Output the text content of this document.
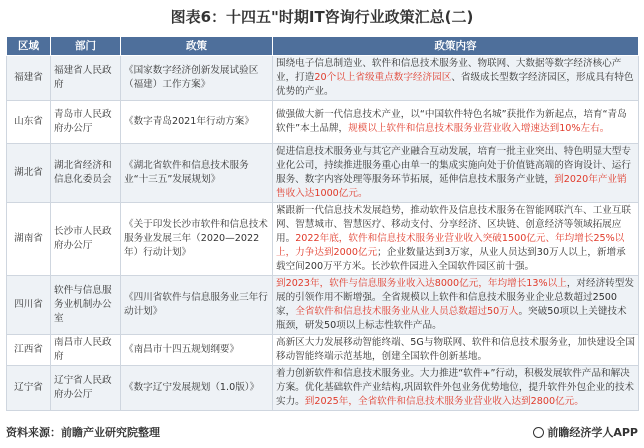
图表6：十四五"时期IT咨询行业政策汇总(二)
区域	部门	政策	政策内容
福建省	福建省人民政府	《国家数字经济创新发展试验区（福建）工作方案》	围绕电子信息制造业、软件和信息技术服务业、物联网、大数据等数字经济核心产业，打造20个以上省级重点数字经济园区、省级成长型数字经济园区，形成具有特色优势的产业。
山东省	青岛市人民政府办公厅	《数字青岛2021年行动方案》	做强做大新一代信息技术产业，以“中国软件特色名城”获批作为新起点，培育“青岛软件”本土品牌，规模以上软件和信息技术服务业营业收入增速达到10%左右。
湖北省	湖北省经济和信息化委员会	《湖北省软件和信息技术服务业“十三五”发展规划》	促进信息技术服务业与其它产业融合互动发展，培育一批主业突出、特色明显大型专业化公司，持续推进服务重心由单一的集成实施向处于价值链高端的咨询设计、运行服务、数字内容处理等服务环节拓展，延伸信息技术服务产业链，到2020年产业销售收入达1000亿元。
湖南省	长沙市人民政府办公厅	《关于印发长沙市软件和信息技术服务业发展三年（2020—2022年）行动计划》	紧跟新一代信息技术发展趋势，推动软件及信息技术服务在智能网联汽车、工业互联网、智慧城市、智慧医疗、移动支付、分享经济、区块链、创意经济等领域拓展应用。2022年底，软件和信息技术服务业营业收入突破1500亿元、年均增长25%以上，力争达到2000亿元；企业数量达到3万家，从业人员达到30万人以上，新增承载空间200万平方米。长沙软件园进入全国软件园区前十强。
四川省	软件与信息服务业机制办公室	《四川省软件与信息服务业三年行动计划》	到2023年，软件与信息服务业收入达8000亿元，年均增长13%以上，对经济转型发展的引领作用不断增强。全省规模以上软件和信息技术服务业企业总数超过2500家，全省软件和信息技术服务业从业人员总数超过50万人。突破50项以上关键技术瓶颈，研发50项以上标志性软件产品。
江西省	南昌市人民政府	《南昌市十四五规划纲要》	高新区大力发展移动智能终端、5G与物联网、软件和信息技术服务业，加快建设全国移动智能终端示范基地，创建全国软件创新基地。
辽宁省	辽宁省人民政府办公厅	《数字辽宁发展规划（1.0版）》	着力创新软件和信息技术服务业。大力推进“软件+”行动，积极发展软件产品和解决方案。优化基础软件产业结构,巩固软件外包业务优势地位，提升软件外包企业的技术实力。到2025年，全省软件和信息技术服务业营业收入达到2800亿元。
资料来源：前瞻产业研究院整理	前瞻经济学人APP
